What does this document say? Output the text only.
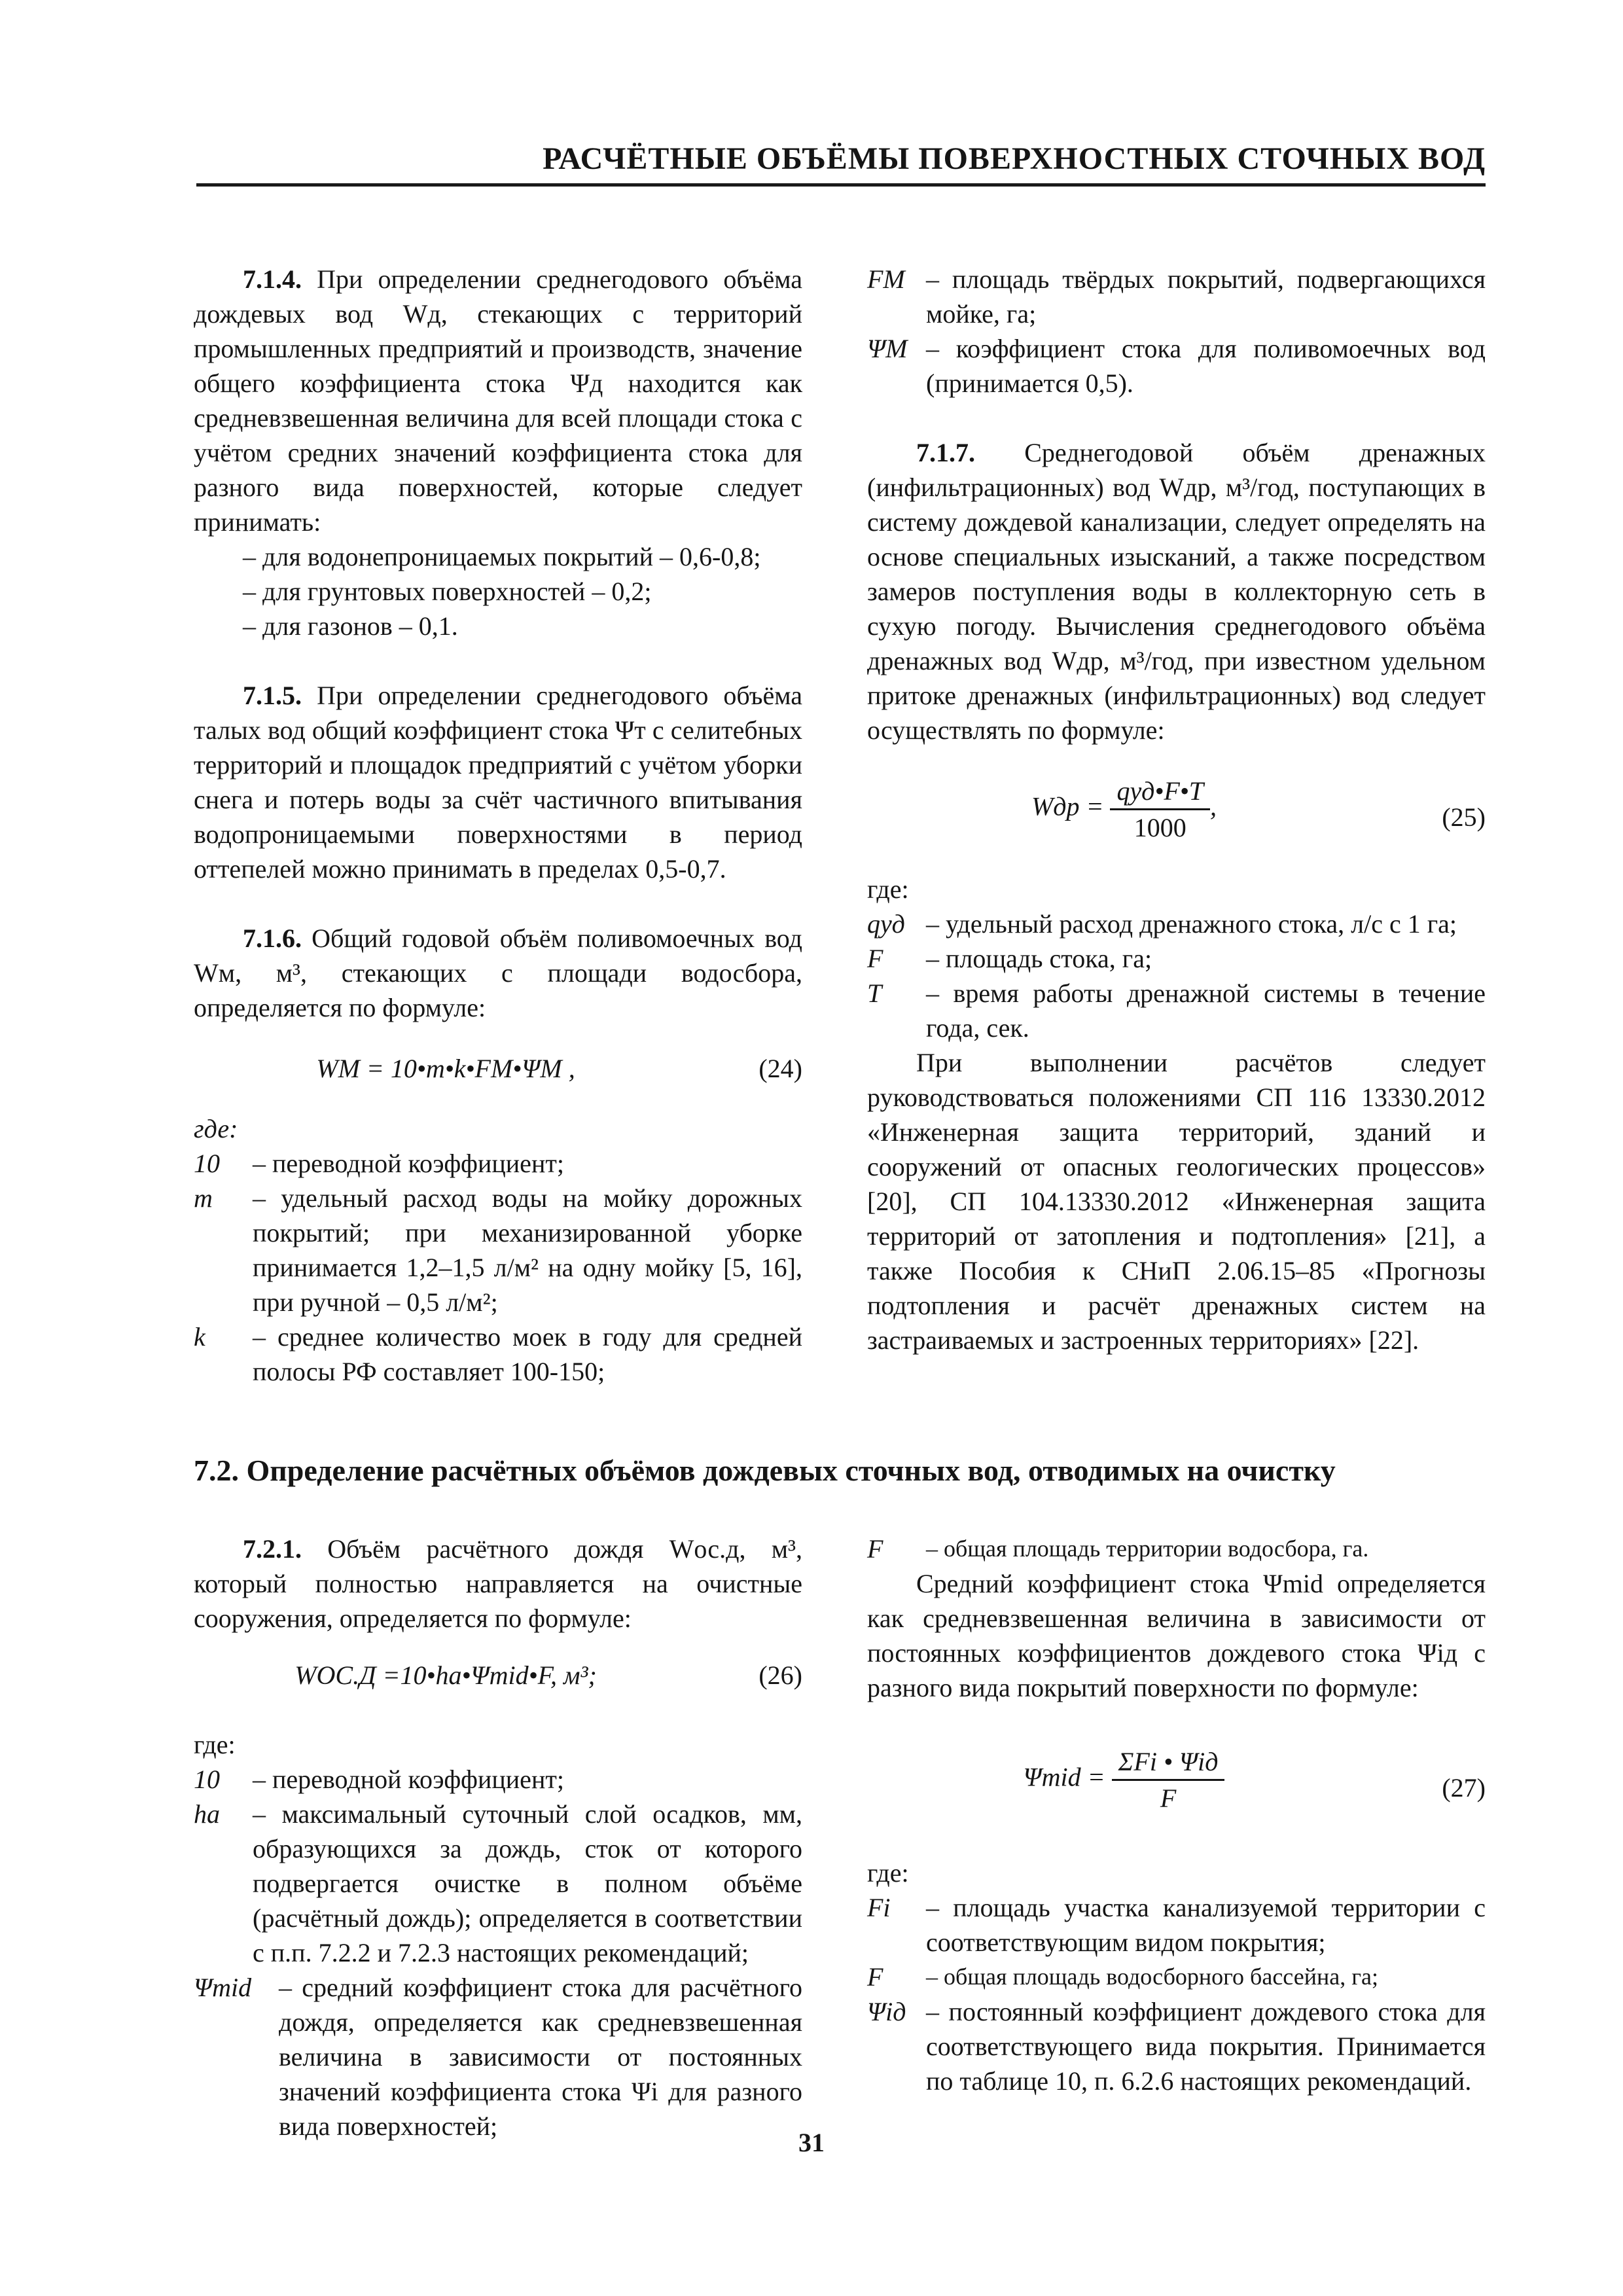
РАСЧЁТНЫЕ ОБЪЁМЫ ПОВЕРХНОСТНЫХ СТОЧНЫХ ВОД

7.1.4. При определении среднегодового объёма дождевых вод Wд, стекающих с территорий промышленных предприятий и производств, значение общего коэффициента стока Ψд находится как средневзвешенная величина для всей площади стока с учётом средних значений коэффициента стока для разного вида поверхностей, которые следует принимать:

– для водонепроницаемых покрытий – 0,6-0,8;
– для грунтовых поверхностей – 0,2;
– для газонов – 0,1.

7.1.5. При определении среднегодового объёма талых вод общий коэффициент стока Ψт с селитебных территорий и площадок предприятий с учётом уборки снега и потерь воды за счёт частичного впитывания водопроницаемыми поверхностями в период оттепелей можно принимать в пределах 0,5-0,7.

7.1.6. Общий годовой объём поливомоечных вод Wм, м³, стекающих с площади водосбора, определяется по формуле:

WM = 10•m•k•FM•ΨM ,	(24)
где:
10	– переводной коэффициент;
m	– удельный расход воды на мойку дорожных покрытий; при механизированной уборке принимается 1,2–1,5 л/м² на одну мойку [5, 16], при ручной – 0,5 л/м²;
k	– среднее количество моек в году для средней полосы РФ составляет 100-150;
FМ – площадь твёрдых покрытий, подвергающихся мойке, га;
ΨМ – коэффициент стока для поливомоечных вод (принимается 0,5).

7.1.7. Среднегодовой объём дренажных (инфильтрационных) вод Wдр, м³/год, поступающих в систему дождевой канализации, следует определять на основе специальных изысканий, а также посредством замеров поступления воды в коллекторную сеть в сухую погоду. Вычисления среднегодового объёма дренажных вод Wдр, м³/год, при известном удельном притоке дренажных (инфильтрационных) вод следует осуществлять по формуле:

Wдр = $\frac{\text{qуд•F•T}}{1000}$ ,	(25)
где:
qуд – удельный расход дренажного стока, л/с с 1 га;
F	– площадь стока, га;
T	– время работы дренажной системы в течение года, сек.

При выполнении расчётов следует руководствоваться положениями СП 116 13330.2012 «Инженерная защита территорий, зданий и сооружений от опасных геологических процессов» [20], СП 104.13330.2012 «Инженерная защита территорий от затопления и подтопления» [21], а также Пособия к СНиП 2.06.15–85 «Прогнозы подтопления и расчёт дренажных систем на застраиваемых и застроенных территориях» [22].

7.2. Определение расчётных объёмов дождевых сточных вод, отводимых на очистку

7.2.1. Объём расчётного дождя Wос.д, м³, который полностью направляется на очистные сооружения, определяется по формуле:

WОС.Д =10•ha•Ψmid•F, м³;	(26)
где:
10	– переводной коэффициент;
ha	– максимальный суточный слой осадков, мм, образующихся за дождь, сток от которого подвергается очистке в полном объёме (расчётный дождь); определяется в соответствии с п.п. 7.2.2 и 7.2.3 настоящих рекомендаций;
Ψmid	– средний коэффициент стока для расчётного дождя, определяется как средневзвешенная величина в зависимости от постоянных значений коэффициента стока Ψi для разного вида поверхностей;
F	– общая площадь территории водосбора, га.

Средний коэффициент стока Ψmid определяется как средневзвешенная величина в зависимости от постоянных коэффициентов дождевого стока Ψiд с разного вида покрытий поверхности по формуле:

$\Psi mid = \frac{\text{ΣFi • Ψiд}}{F}$	(27)
где:
Fi	– площадь участка канализуемой территории с соответствующим видом покрытия;
F	– общая площадь водосборного бассейна, га;
Ψiд – постоянный коэффициент дождевого стока для соответствующего вида покрытия. Принимается по таблице 10, п. 6.2.6 настоящих рекомендаций.
31
